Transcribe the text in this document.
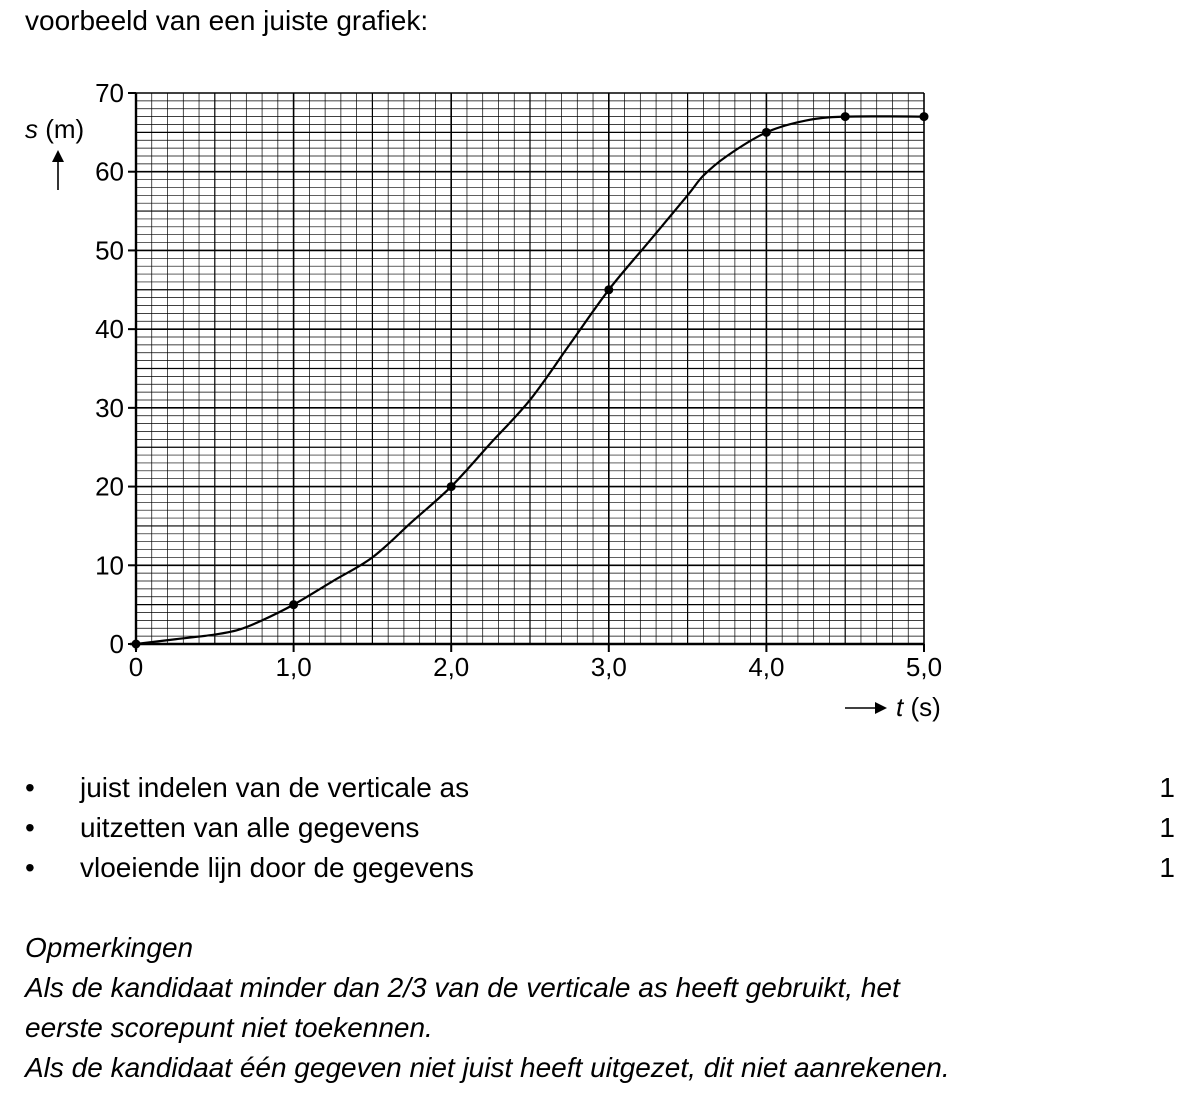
voorbeeld van een juiste grafiek:

0
10
20
30
40
50
60
70
0	1,0	2,0	3,0	4,0	5,0
s (m)
t (s)
• juist indelen van de verticale as	1
• uitzetten van alle gegevens	1
• vloeiende lijn door de gegevens	1
Opmerkingen
Als de kandidaat minder dan 2/3 van de verticale as heeft gebruikt, het
eerste scorepunt niet toekennen.
Als de kandidaat één gegeven niet juist heeft uitgezet, dit niet aanrekenen.
